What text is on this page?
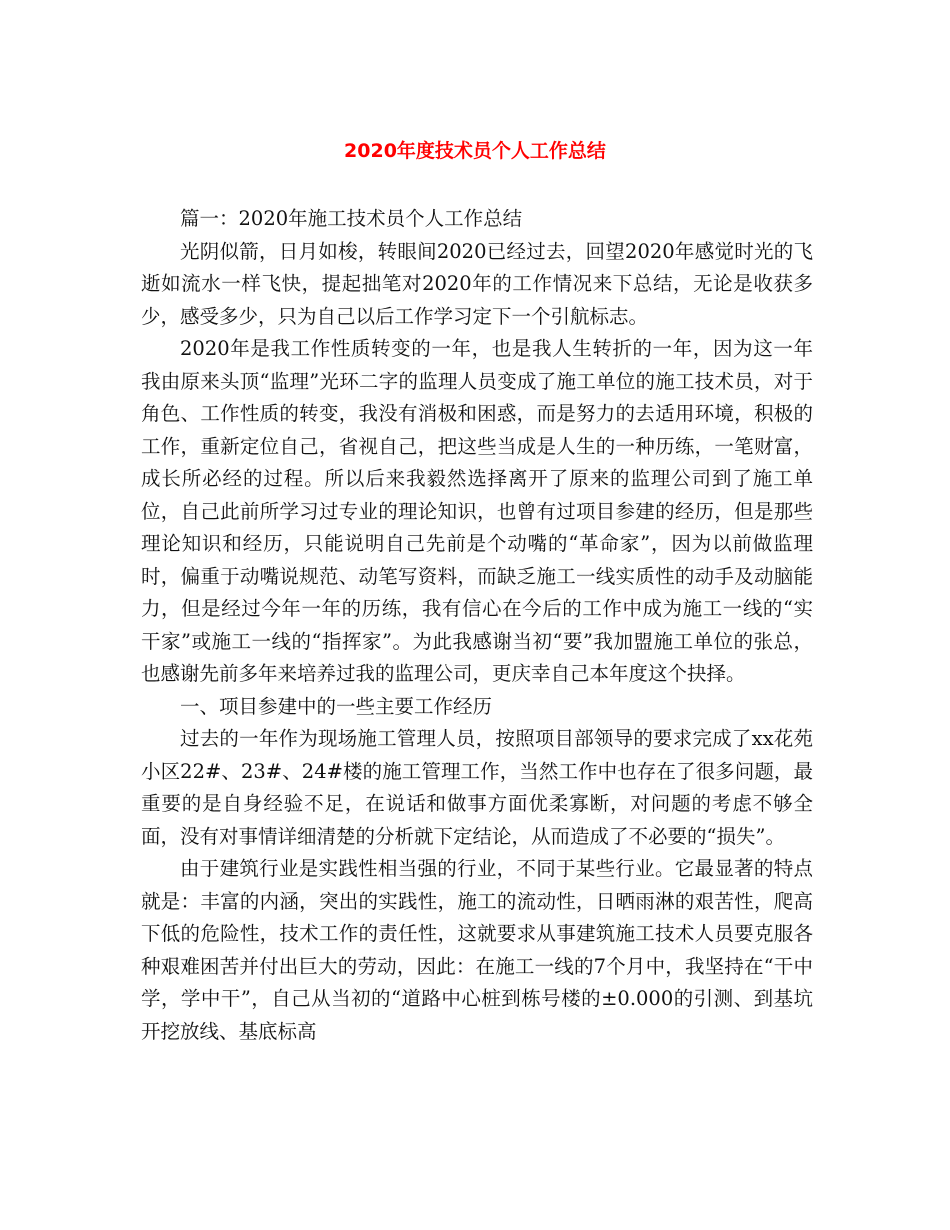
2020年度技术员个人工作总结

篇一：2020年施工技术员个人工作总结

光阴似箭，日月如梭，转眼间2020已经过去，回望2020年感觉时光的飞逝如流水一样飞快，提起拙笔对2020年的工作情况来下总结，无论是收获多少，感受多少，只为自己以后工作学习定下一个引航标志。

2020年是我工作性质转变的一年，也是我人生转折的一年，因为这一年我由原来头顶“监理”光环二字的监理人员变成了施工单位的施工技术员，对于角色、工作性质的转变，我没有消极和困惑，而是努力的去适用环境，积极的工作，重新定位自己，省视自己，把这些当成是人生的一种历练，一笔财富，成长所必经的过程。所以后来我毅然选择离开了原来的监理公司到了施工单位，自己此前所学习过专业的理论知识，也曾有过项目参建的经历，但是那些理论知识和经历，只能说明自己先前是个动嘴的“革命家”，因为以前做监理时，偏重于动嘴说规范、动笔写资料，而缺乏施工一线实质性的动手及动脑能力，但是经过今年一年的历练，我有信心在今后的工作中成为施工一线的“实干家”或施工一线的“指挥家”。为此我感谢当初“要”我加盟施工单位的张总，也感谢先前多年来培养过我的监理公司，更庆幸自己本年度这个抉择。

一、项目参建中的一些主要工作经历

过去的一年作为现场施工管理人员，按照项目部领导的要求完成了xx花苑小区22#、23#、24#楼的施工管理工作，当然工作中也存在了很多问题，最重要的是自身经验不足，在说话和做事方面优柔寡断，对问题的考虑不够全面，没有对事情详细清楚的分析就下定结论，从而造成了不必要的“损失”。

由于建筑行业是实践性相当强的行业，不同于某些行业。它最显著的特点就是：丰富的内涵，突出的实践性，施工的流动性，日晒雨淋的艰苦性，爬高下低的危险性，技术工作的责任性，这就要求从事建筑施工技术人员要克服各种艰难困苦并付出巨大的劳动，因此：在施工一线的7个月中，我坚持在“干中学，学中干”，自己从当初的“道路中心桩到栋号楼的±0.000的引测、到基坑开挖放线、基底标高
